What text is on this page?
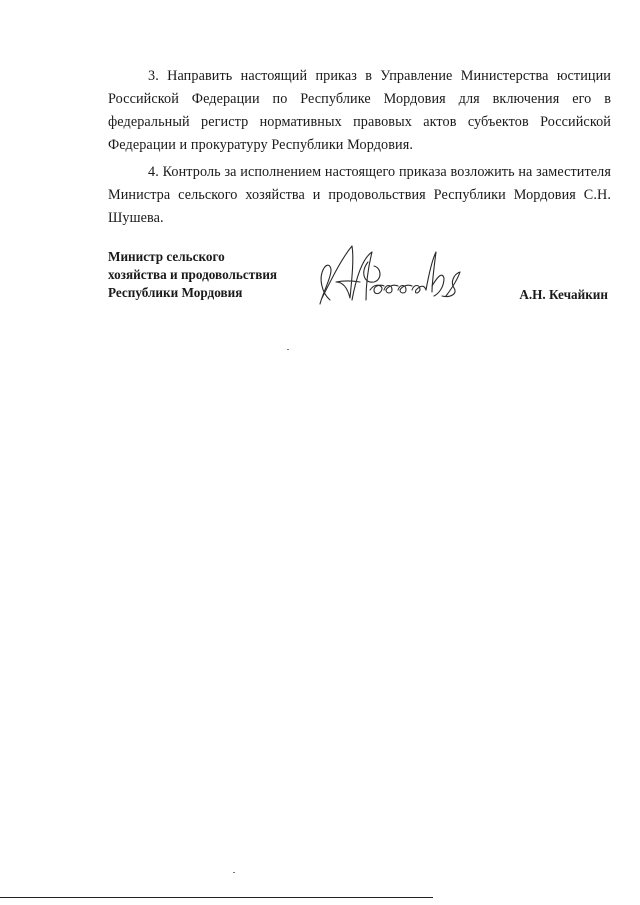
3. Направить настоящий приказ в Управление Министерства юстиции Российской Федерации по Республике Мордовия для включения его в федеральный регистр нормативных правовых актов субъектов Российской Федерации и прокуратуру Республики Мордовия.

4. Контроль за исполнением настоящего приказа возложить на заместителя Министра сельского хозяйства и продовольствия Республики Мордовия С.Н. Шушева.

Министр сельского
хозяйства и продовольствия
Республики Мордовия	А.Н. Кечайкин
